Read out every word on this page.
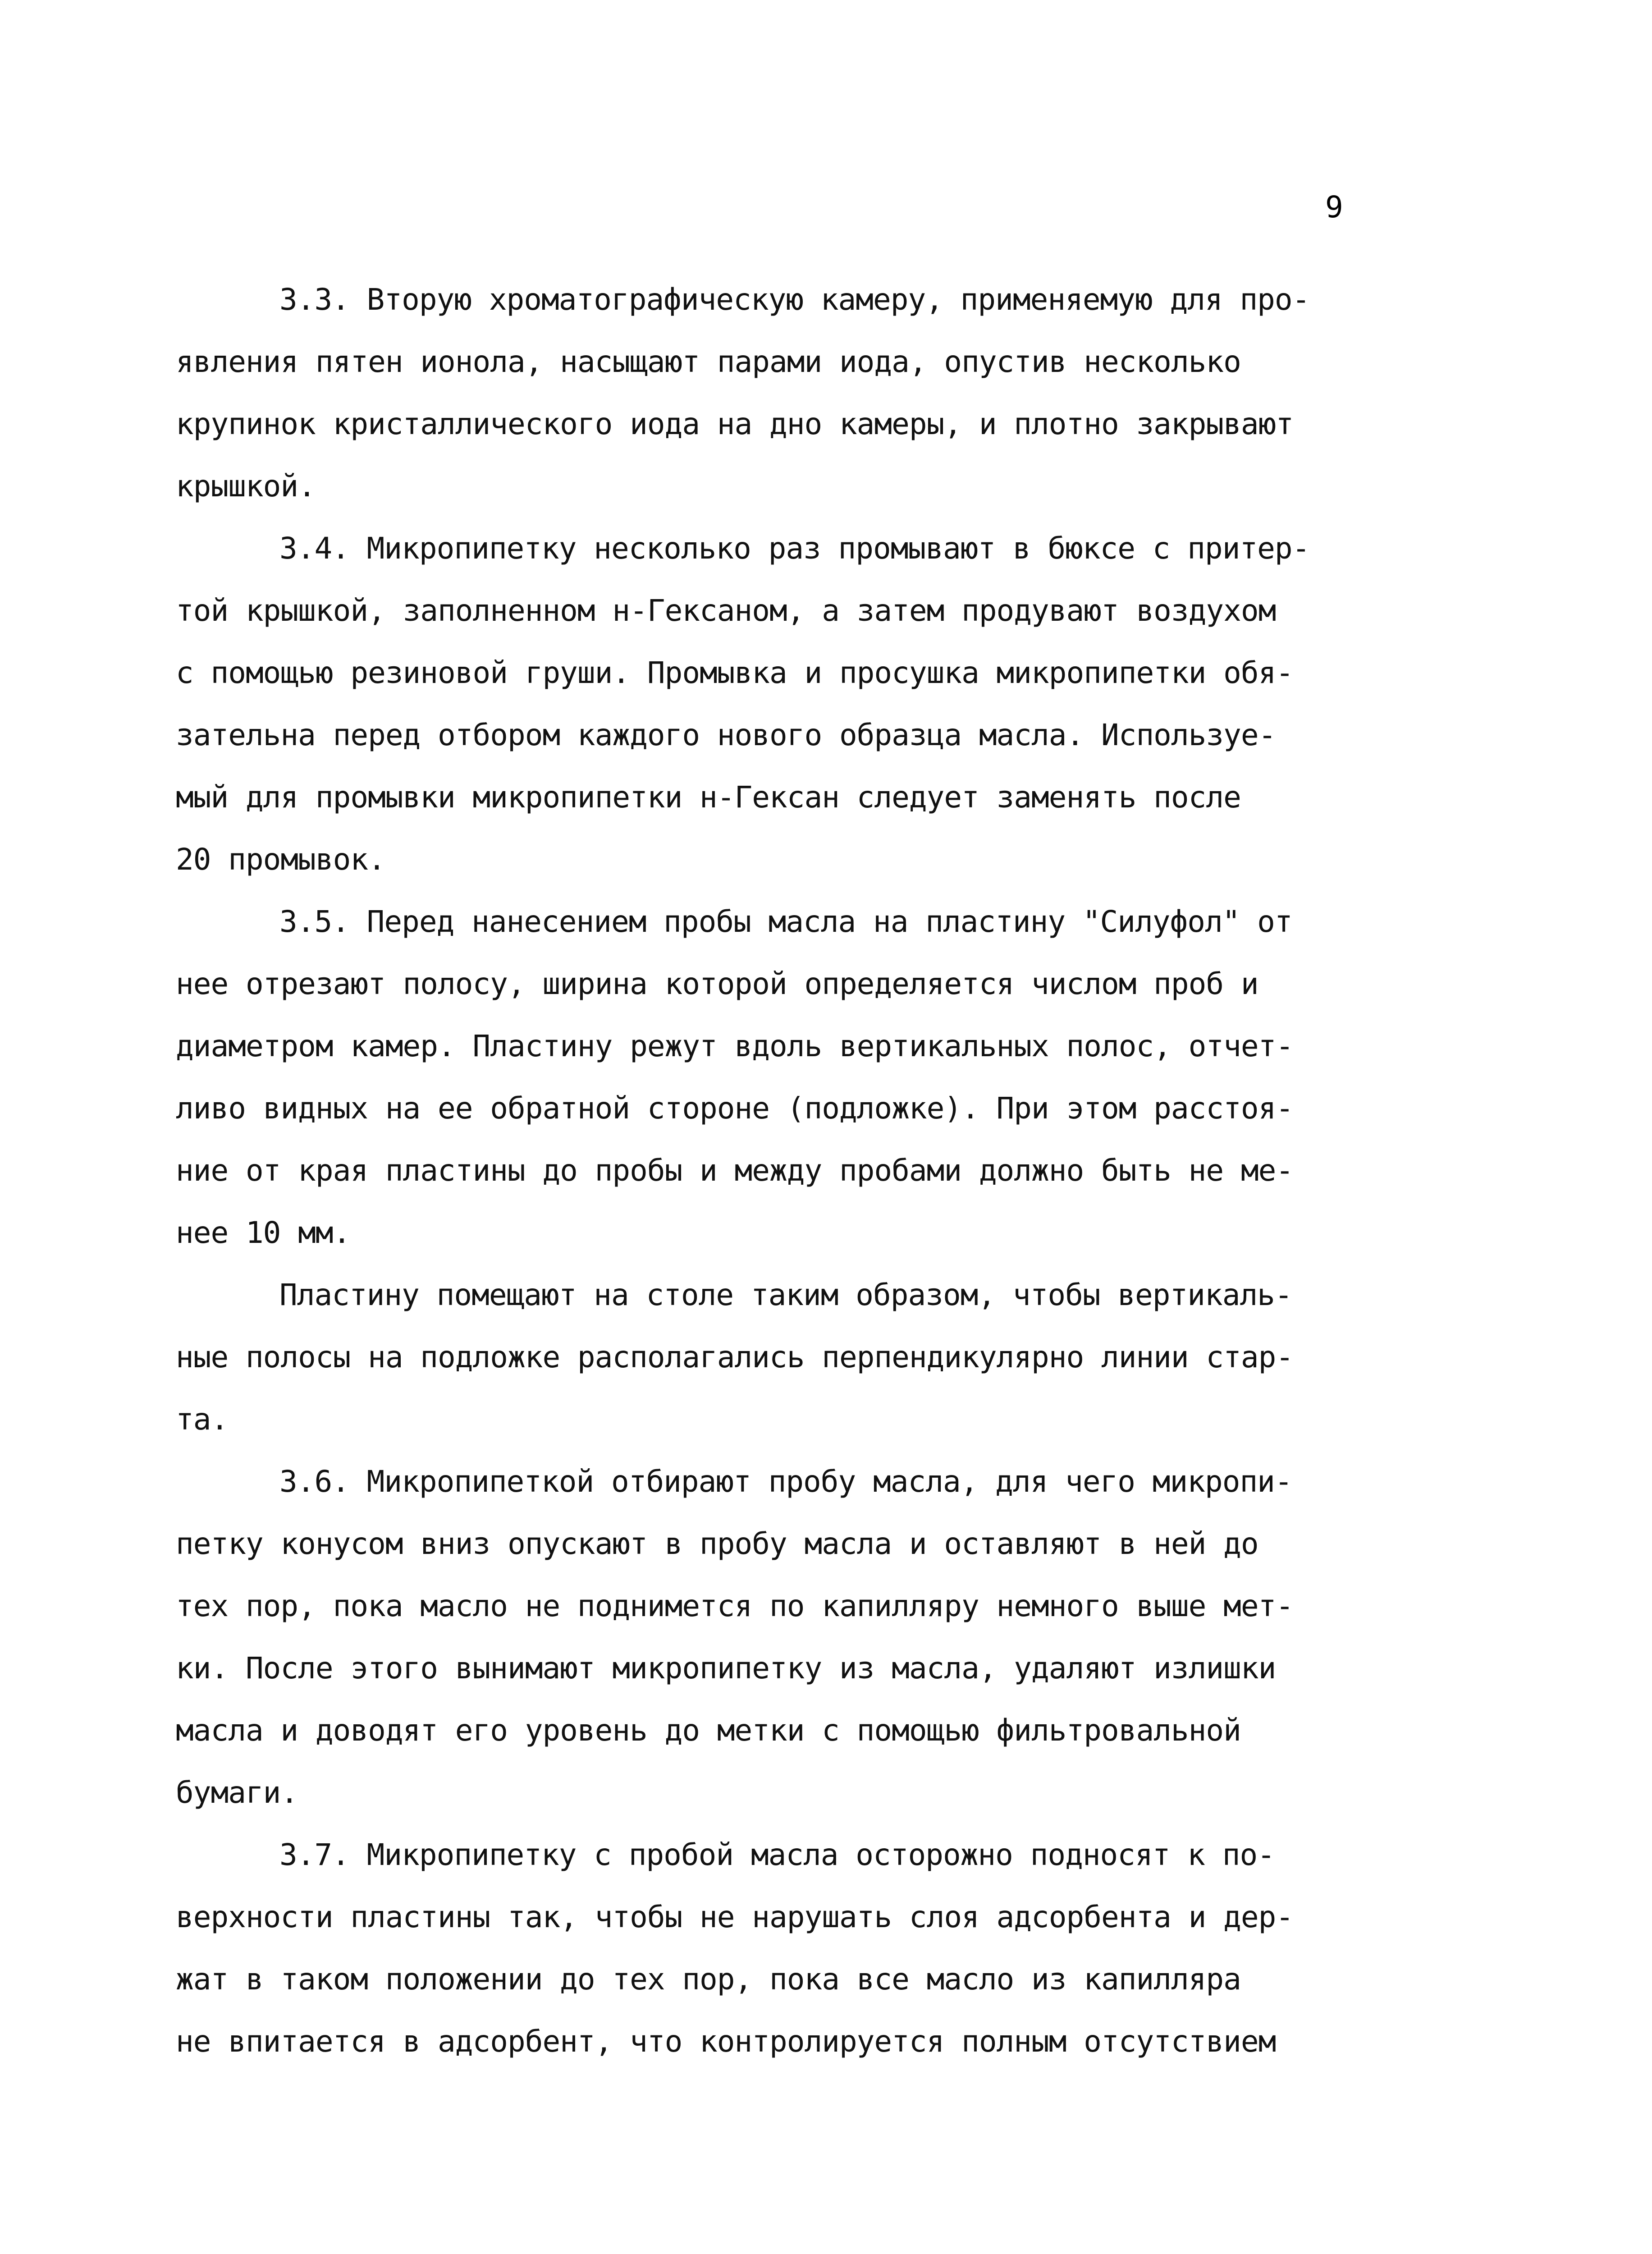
9
3.3. Вторую хроматографическую камеру, применяемую для про-
явления пятен ионола, насыщают парами иода, опустив несколько
крупинок кристаллического иода на дно камеры, и плотно закрывают
крышкой.
3.4. Микропипетку несколько раз промывают в бюксе с притер-
той крышкой, заполненном н-Гексаном, а затем продувают воздухом
с помощью резиновой груши. Промывка и просушка микропипетки обя-
зательна перед отбором каждого нового образца масла. Используе-
мый для промывки микропипетки н-Гексан следует заменять после
20 промывок.
3.5. Перед нанесением пробы масла на пластину "Силуфол" от
нее отрезают полосу, ширина которой определяется числом проб и
диаметром камер. Пластину режут вдоль вертикальных полос, отчет-
ливо видных на ее обратной стороне (подложке). При этом расстоя-
ние от края пластины до пробы и между пробами должно быть не ме-
нее 10 мм.
Пластину помещают на столе таким образом, чтобы вертикаль-
ные полосы на подложке располагались перпендикулярно линии стар-
та.
3.6. Микропипеткой отбирают пробу масла, для чего микропи-
петку конусом вниз опускают в пробу масла и оставляют в ней до
тех пор, пока масло не поднимется по капилляру немного выше мет-
ки. После этого вынимают микропипетку из масла, удаляют излишки
масла и доводят его уровень до метки с помощью фильтровальной
бумаги.
3.7. Микропипетку с пробой масла осторожно подносят к по-
верхности пластины так, чтобы не нарушать слоя адсорбента и дер-
жат в таком положении до тех пор, пока все масло из капилляра
не впитается в адсорбент, что контролируется полным отсутствием
